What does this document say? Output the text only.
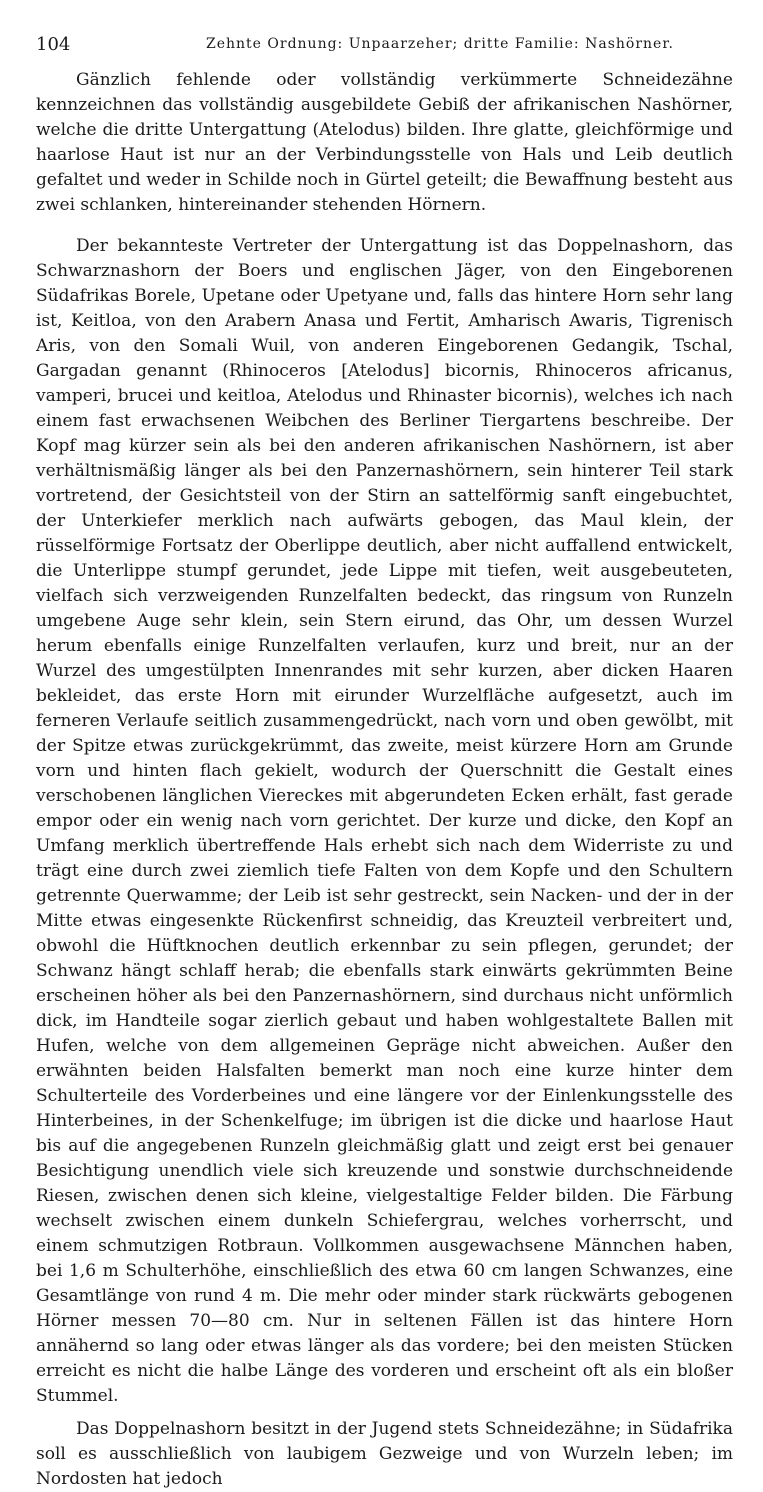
104	Zehnte Ordnung: Unpaarzeher; dritte Familie: Nashörner.

Gänzlich fehlende oder vollständig verkümmerte Schneidezähne kennzeichnen das vollständig ausgebildete Gebiß der afrikanischen Nashörner, welche die dritte Untergattung (Atelodus) bilden. Ihre glatte, gleichförmige und haarlose Haut ist nur an der Verbindungsstelle von Hals und Leib deutlich gefaltet und weder in Schilde noch in Gürtel geteilt; die Bewaffnung besteht aus zwei schlanken, hintereinander stehenden Hörnern.

Der bekannteste Vertreter der Untergattung ist das Doppelnashorn, das Schwarznashorn der Boers und englischen Jäger, von den Eingeborenen Südafrikas Borele, Upetane oder Upetyane und, falls das hintere Horn sehr lang ist, Keitloa, von den Arabern Anasa und Fertit, Amharisch Awaris, Tigrenisch Aris, von den Somali Wuil, von anderen Eingeborenen Gedangik, Tschal, Gargadan genannt (Rhinoceros [Atelodus] bicornis, Rhinoceros africanus, vamperi, brucei und keitloa, Atelodus und Rhinaster bicornis), welches ich nach einem fast erwachsenen Weibchen des Berliner Tiergartens beschreibe. Der Kopf mag kürzer sein als bei den anderen afrikanischen Nashörnern, ist aber verhältnismäßig länger als bei den Panzernashörnern, sein hinterer Teil stark vortretend, der Gesichtsteil von der Stirn an sattelförmig sanft eingebuchtet, der Unterkiefer merklich nach aufwärts gebogen, das Maul klein, der rüsselförmige Fortsatz der Oberlippe deutlich, aber nicht auffallend entwickelt, die Unterlippe stumpf gerundet, jede Lippe mit tiefen, weit ausgebeuteten, vielfach sich verzweigenden Runzelfalten bedeckt, das ringsum von Runzeln umgebene Auge sehr klein, sein Stern eirund, das Ohr, um dessen Wurzel herum ebenfalls einige Runzelfalten verlaufen, kurz und breit, nur an der Wurzel des umgestülpten Innenrandes mit sehr kurzen, aber dicken Haaren bekleidet, das erste Horn mit eirunder Wurzelfläche aufgesetzt, auch im ferneren Verlaufe seitlich zusammengedrückt, nach vorn und oben gewölbt, mit der Spitze etwas zurückgekrümmt, das zweite, meist kürzere Horn am Grunde vorn und hinten flach gekielt, wodurch der Querschnitt die Gestalt eines verschobenen länglichen Viereckes mit abgerundeten Ecken erhält, fast gerade empor oder ein wenig nach vorn gerichtet. Der kurze und dicke, den Kopf an Umfang merklich übertreffende Hals erhebt sich nach dem Widerriste zu und trägt eine durch zwei ziemlich tiefe Falten von dem Kopfe und den Schultern getrennte Querwamme; der Leib ist sehr gestreckt, sein Nacken- und der in der Mitte etwas eingesenkte Rückenfirst schneidig, das Kreuzteil verbreitert und, obwohl die Hüftknochen deutlich erkennbar zu sein pflegen, gerundet; der Schwanz hängt schlaff herab; die ebenfalls stark einwärts gekrümmten Beine erscheinen höher als bei den Panzernashörnern, sind durchaus nicht unförmlich dick, im Handteile sogar zierlich gebaut und haben wohlgestaltete Ballen mit Hufen, welche von dem allgemeinen Gepräge nicht abweichen. Außer den erwähnten beiden Halsfalten bemerkt man noch eine kurze hinter dem Schulterteile des Vorderbeines und eine längere vor der Einlenkungsstelle des Hinterbeines, in der Schenkelfuge; im übrigen ist die dicke und haarlose Haut bis auf die angegebenen Runzeln gleichmäßig glatt und zeigt erst bei genauer Besichtigung unendlich viele sich kreuzende und sonstwie durchschneidende Riesen, zwischen denen sich kleine, vielgestaltige Felder bilden. Die Färbung wechselt zwischen einem dunkeln Schiefergrau, welches vorherrscht, und einem schmutzigen Rotbraun. Vollkommen ausgewachsene Männchen haben, bei 1,6 m Schulterhöhe, einschließlich des etwa 60 cm langen Schwanzes, eine Gesamtlänge von rund 4 m. Die mehr oder minder stark rückwärts gebogenen Hörner messen 70—80 cm. Nur in seltenen Fällen ist das hintere Horn annähernd so lang oder etwas länger als das vordere; bei den meisten Stücken erreicht es nicht die halbe Länge des vorderen und erscheint oft als ein bloßer Stummel.

Das Doppelnashorn besitzt in der Jugend stets Schneidezähne; in Südafrika soll es ausschließlich von laubigem Gezweige und von Wurzeln leben; im Nordosten hat jedoch
